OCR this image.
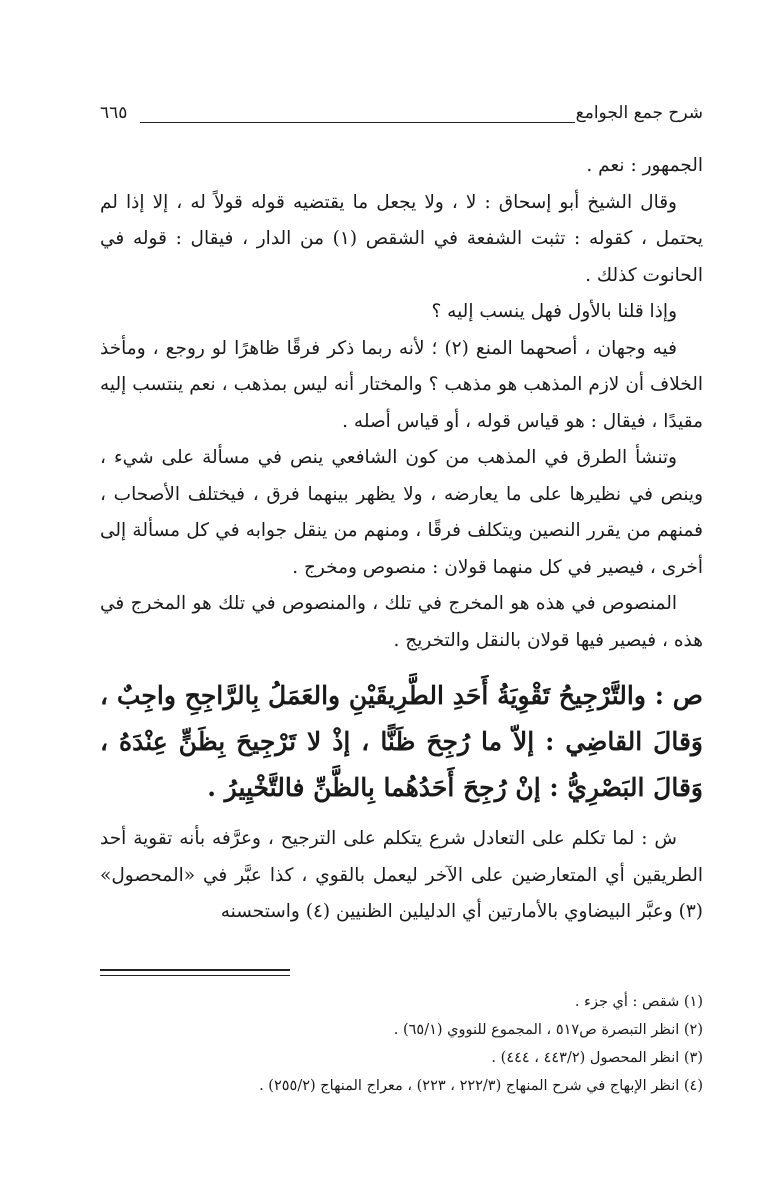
شرح جمع الجوامع
٦٦٥

الجمهور : نعم .

وقال الشيخ أبو إسحاق : لا ، ولا يجعل ما يقتضيه قوله قولاً له ، إلا إذا لم يحتمل ، كقوله : تثبت الشفعة في الشقص (١) من الدار ، فيقال : قوله في الحانوت كذلك .

وإذا قلنا بالأول فهل ينسب إليه ؟

فيه وجهان ، أصحهما المنع (٢) ؛ لأنه ربما ذكر فرقًا ظاهرًا لو روجع ، ومأخذ الخلاف أن لازم المذهب هو مذهب ؟ والمختار أنه ليس بمذهب ، نعم ينتسب إليه مقيدًا ، فيقال : هو قياس قوله ، أو قياس أصله .

وتنشأ الطرق في المذهب من كون الشافعي ينص في مسألة على شيء ، وينص في نظيرها على ما يعارضه ، ولا يظهر بينهما فرق ، فيختلف الأصحاب ، فمنهم من يقرر النصين ويتكلف فرقًا ، ومنهم من ينقل جوابه في كل مسألة إلى أخرى ، فيصير في كل منهما قولان : منصوص ومخرج .

المنصوص في هذه هو المخرج في تلك ، والمنصوص في تلك هو المخرج في هذه ، فيصير فيها قولان بالنقل والتخريج .

ص : والتَّرْجِيحُ تَقْوِيَةُ أَحَدِ الطَّرِيقَيْنِ والعَمَلُ بِالرَّاجِحِ واجِبٌ ، وَقالَ القاضِي : إلاّ ما رُجِحَ ظَنًّا ، إذْ لا تَرْجِيحَ بِظَنٍّ عِنْدَهُ ، وَقالَ البَصْرِيُّ : إنْ رُجِحَ أَحَدُهُما بِالظَّنِّ فالتَّخْيِيرُ .

ش : لما تكلم على التعادل شرع يتكلم على الترجيح ، وعرَّفه بأنه تقوية أحد الطريقين أي المتعارضين على الآخر ليعمل بالقوي ، كذا عبَّر في «المحصول» (٣) وعبَّر البيضاوي بالأمارتين أي الدليلين الظنيين (٤) واستحسنه

(١) شقص : أي جزء .
(٢) انظر التبصرة ص٥١٧ ، المجموع للنووي (٦٥/١) .
(٣) انظر المحصول (٤٤٣/٢ ، ٤٤٤) .
(٤) انظر الإبهاج في شرح المنهاج (٢٢٢/٣ ، ٢٢٣) ، معراج المنهاج (٢٥٥/٢) .
